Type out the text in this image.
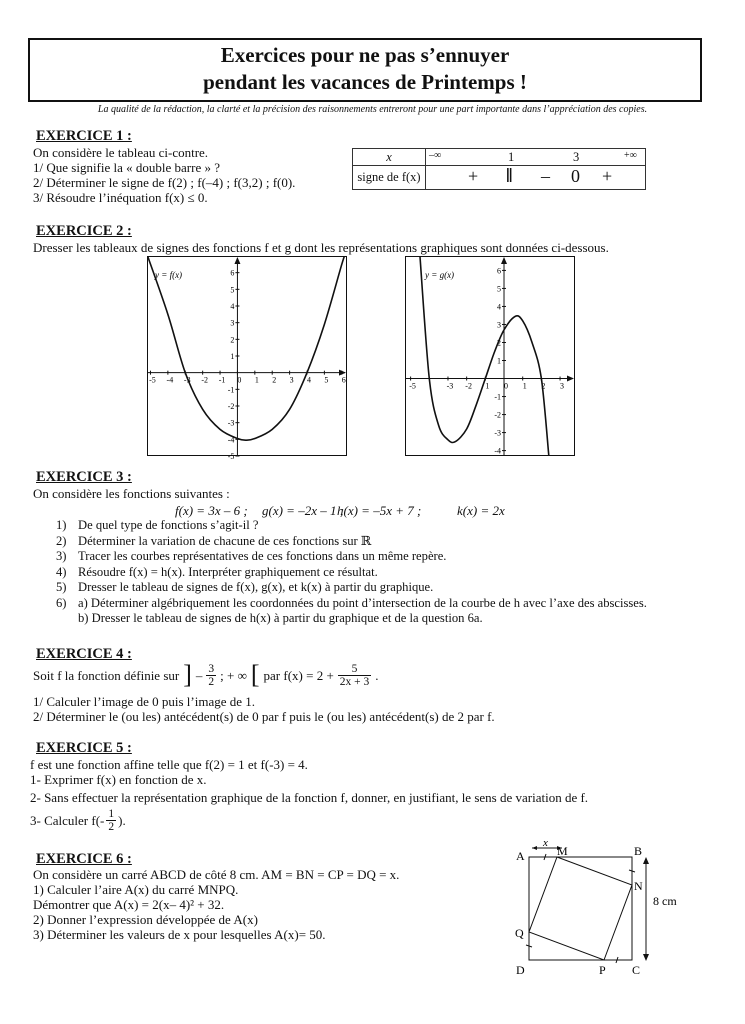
Exercices pour ne pas s’ennuyer
pendant les vacances de Printemps !
La qualité de la rédaction, la clarté et la précision des raisonnements entreront pour une part importante dans l’appréciation des copies.
EXERCICE 1 :
On considère le tableau ci-contre.
1/ Que signifie la « double barre » ?
2/ Déterminer le signe de f(2) ; f(–4) ; f(3,2) ; f(0).
3/ Résoudre l’inéquation f(x) ≤ 0.
x	–∞ 1 3 +∞

signe de f(x)	+ ‖ – 0 +
EXERCICE 2 :
Dresser les tableaux de signes des fonctions f et g dont les représentations graphiques sont données ci-dessous.
-5 -4 -3 -2 -1 0 1 2 3 4 5 6
-5
-4
-3
-2
-1
1
2
3
4
5
6
y = f(x)
-5	-3 -2 1 0 1 2 3
-4
-3
-2
-1
1
2
3
4
5
6
y = g(x)
EXERCICE 3 :
On considère les fonctions suivantes :
f(x) = 3x – 6 ; g(x) = –2x – 1 ;
h(x) = –5x + 7 ;	k(x) = 2x
1) De quel type de fonctions s’agit-il ?
2) Déterminer la variation de chacune de ces fonctions sur ℝ
3) Tracer les courbes représentatives de ces fonctions dans un même repère.
4) Résoudre f(x) = h(x). Interpréter graphiquement ce résultat.
5) Dresser le tableau de signes de f(x), g(x), et k(x) à partir du graphique.
6) a) Déterminer algébriquement les coordonnées du point d’intersection de la courbe de h avec l’axe des abscisses.
b) Dresser le tableau de signes de h(x) à partir du graphique et de la question 6a.
EXERCICE 4 :
Soit f la fonction définie sur ] – $\frac{3}{2}$ ; + ∞ [ par $f(x) = 2 + \frac{5}{2x + 3}$ .
1/ Calculer l’image de 0 puis l’image de 1.
2/ Déterminer le (ou les) antécédent(s) de 0 par f puis le (ou les) antécédent(s) de 2 par f.
EXERCICE 5 :
f est une fonction affine telle que f(2) = 1 et f(-3) = 4.
1- Exprimer f(x) en fonction de x.
2- Sans effectuer la représentation graphique de la fonction f, donner, en justifiant, le sens de variation de f.
3- Calculer $f(- \frac{1}{2}$ ).
EXERCICE 6 :
On considère un carré ABCD de côté 8 cm. AM = BN = CP = DQ = x.
1) Calculer l’aire A(x) du carré MNPQ.
Démontrer que A(x) = 2(x– 4)² + 32.
2) Donner l’expression développée de A(x)
3) Déterminer les valeurs de x pour lesquelles A(x)= 50.
x
8 cm
A	M	B
N
Q
D	P C
